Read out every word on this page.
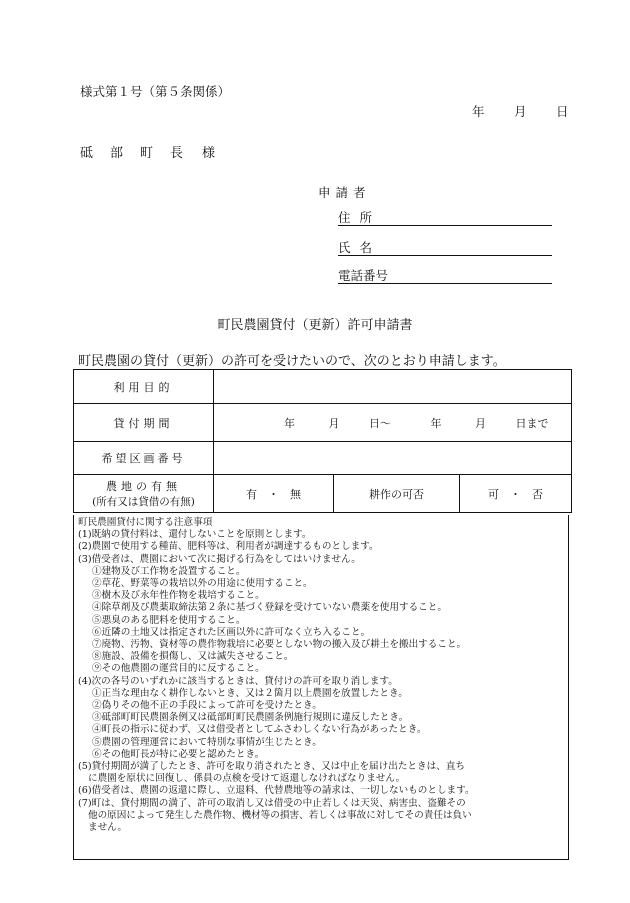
様式第１号（第５条関係）
年 月 日
砥部町長 様
申請者
住所
氏名
電話番号
町民農園貸付（更新）許可申請書
町民農園の貸付（更新）の許可を受けたいので、次のとおり申請します。
利用目的			
貸付期間	年 月 日～ 年 月 日まで		
希望区画番号			

農地の有無
(所有又は貸借の有無)	有　・　無	耕作の可否	可　・　否
町民農園貸付に関する注意事項
(1)既納の貸付料は、還付しないことを原則とします。
(2)農園で使用する種苗、肥料等は、利用者が調達するものとします。
(3)借受者は、農園において次に掲げる行為をしてはいけません。
①建物及び工作物を設置すること。
②草花、野菜等の栽培以外の用途に使用すること。
③樹木及び永年性作物を栽培すること。
④除草剤及び農薬取締法第２条に基づく登録を受けていない農薬を使用すること。
⑤悪臭のある肥料を使用すること。
⑥近隣の土地又は指定された区画以外に許可なく立ち入ること。
⑦廃物、汚物、資材等の農作物栽培に必要としない物の搬入及び耕土を搬出すること。
⑧施設、設備を損傷し、又は滅失させること。
⑨その他農園の運営目的に反すること。
(4)次の各号のいずれかに該当するときは、貸付けの許可を取り消します。
①正当な理由なく耕作しないとき、又は２箇月以上農園を放置したとき。
②偽りその他不正の手段によって許可を受けたとき。
③砥部町町民農園条例又は砥部町町民農園条例施行規則に違反したとき。
④町長の指示に従わず、又は借受者としてふさわしくない行為があったとき。
⑤農園の管理運営において特別な事情が生じたとき。
⑥その他町長が特に必要と認めたとき。
(5)貸付期間が満了したとき、許可を取り消されたとき、又は中止を届け出たときは、直ち
に農園を原状に回復し、係員の点検を受けて返還しなければなりません。
(6)借受者は、農園の返還に際し、立退料、代替農地等の請求は、一切しないものとします。
(7)町は、貸付期間の満了、許可の取消し又は借受の中止若しくは天災、病害虫、盗難その
他の原因によって発生した農作物、機材等の損害、若しくは事故に対してその責任は負い
ません。
